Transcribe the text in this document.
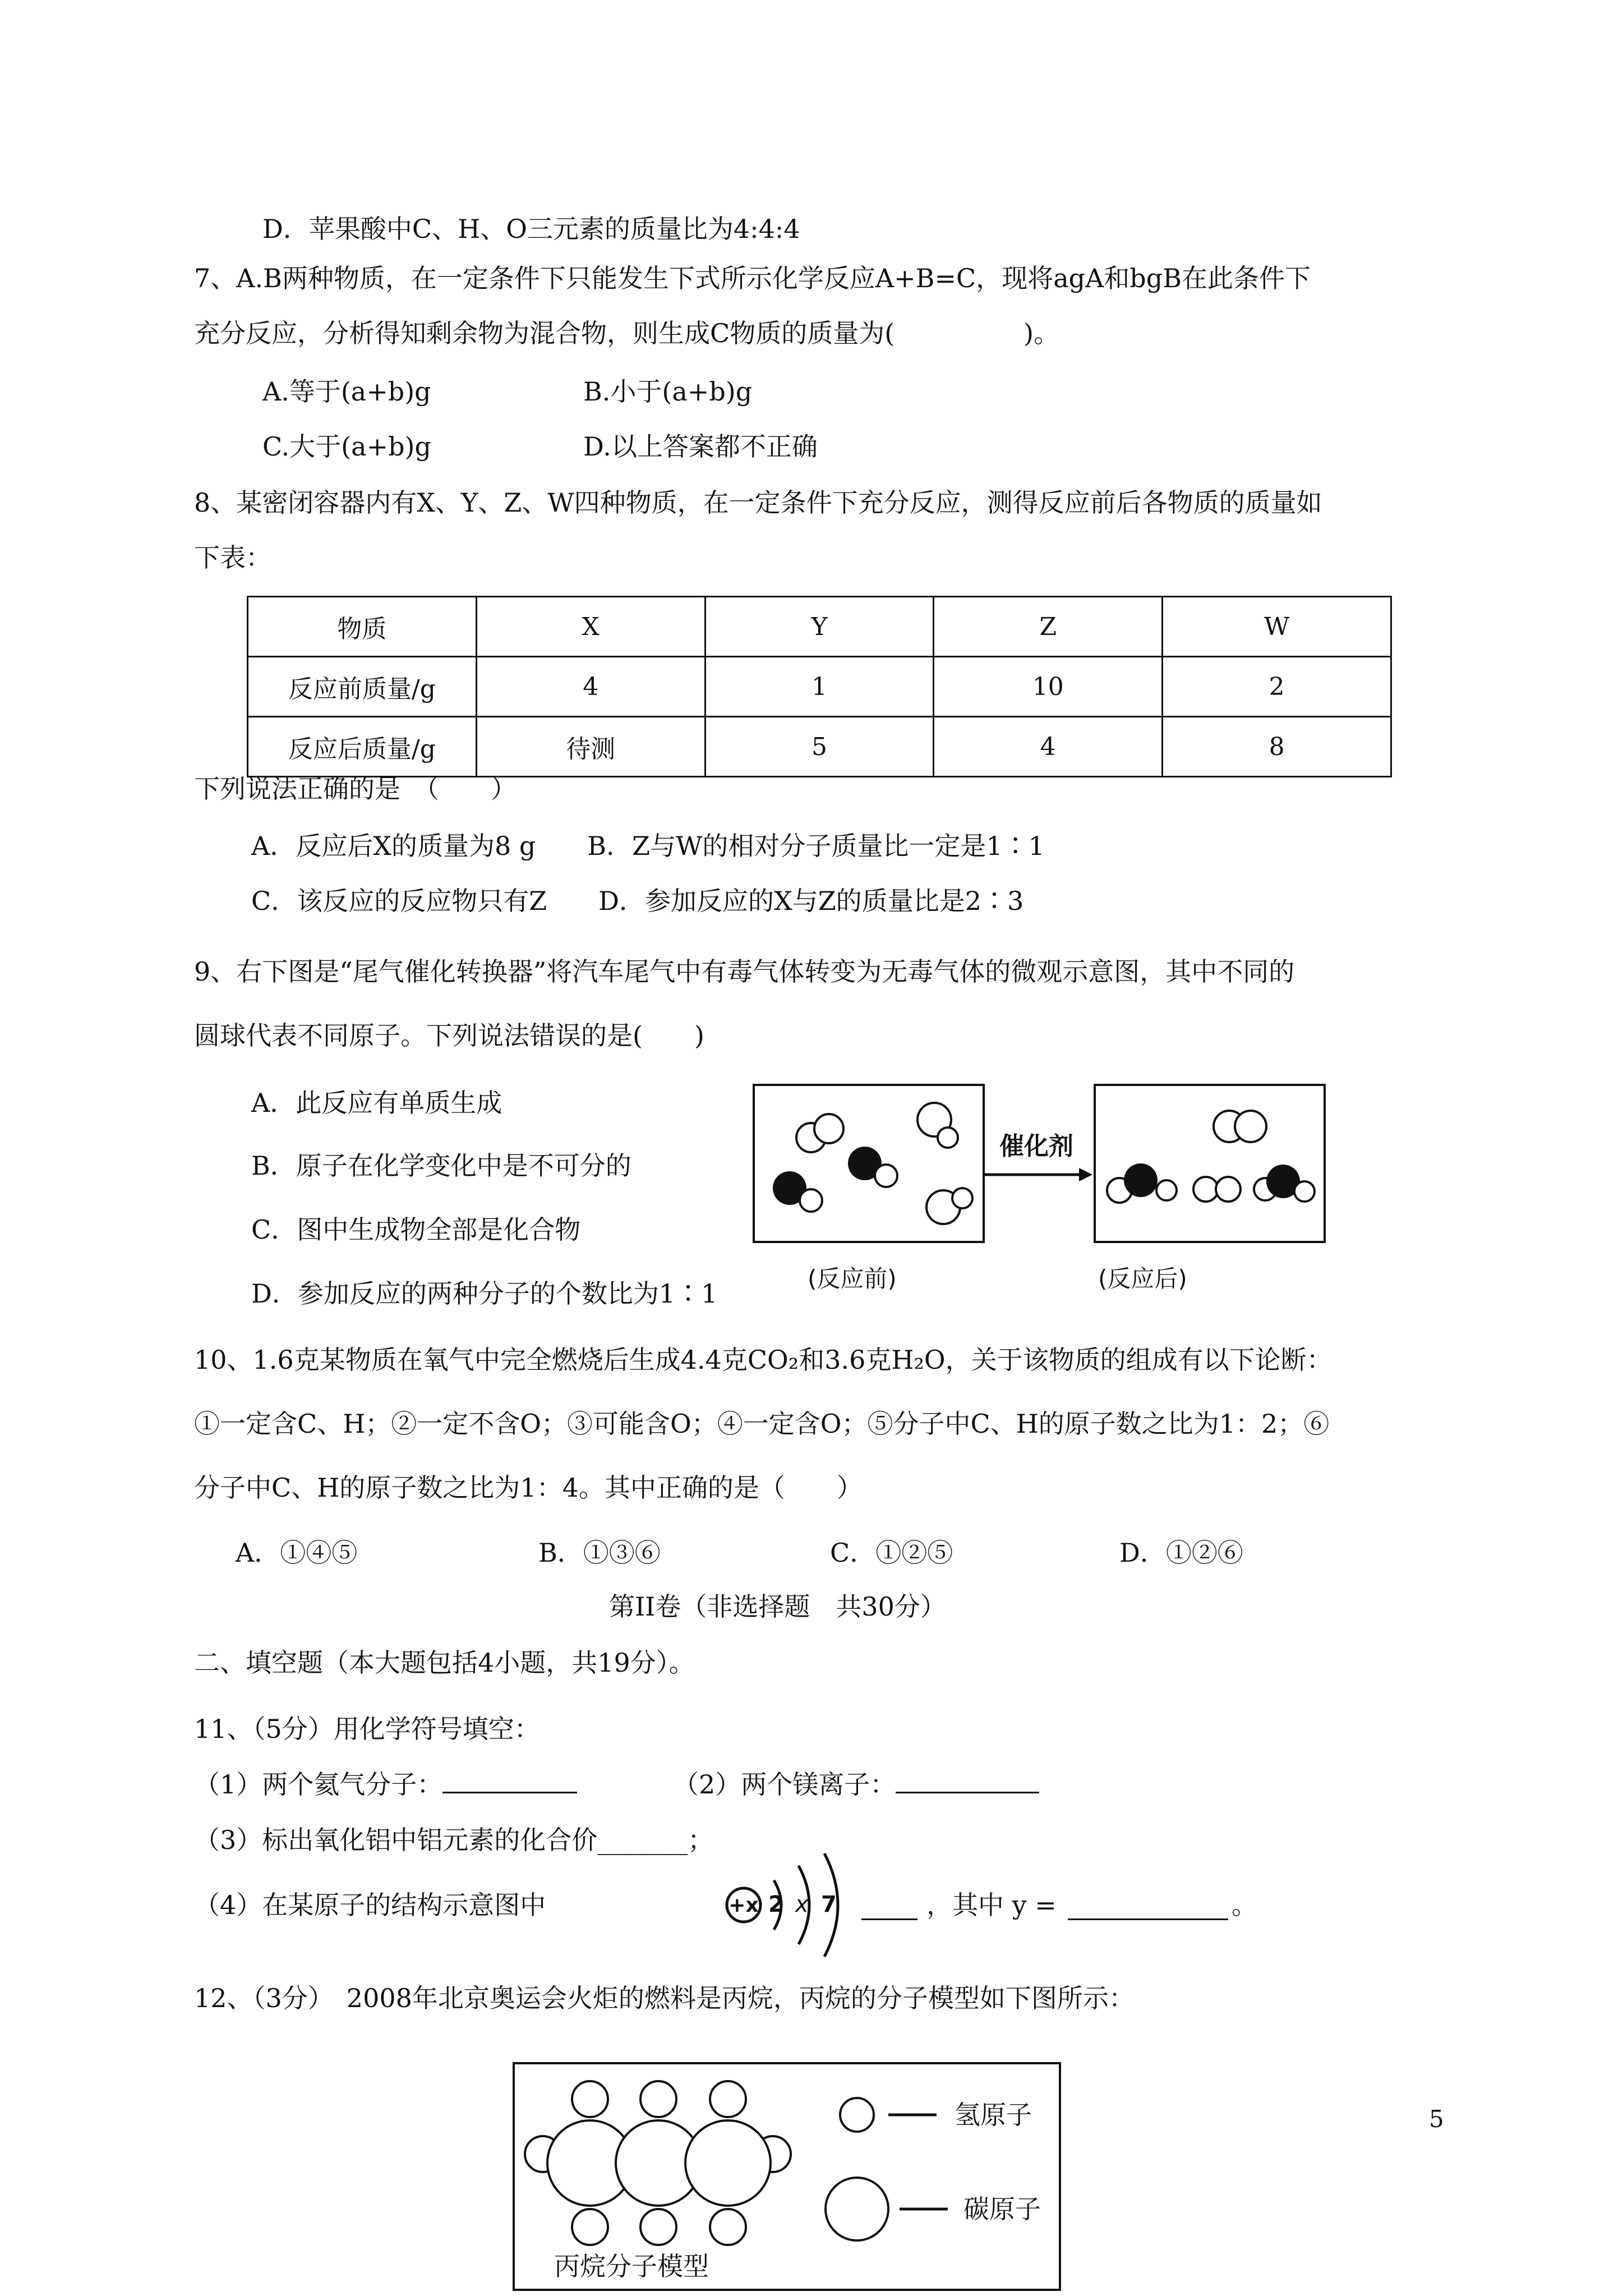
D．苹果酸中C、H、O三元素的质量比为4:4:4
7、A.B两种物质，在一定条件下只能发生下式所示化学反应A+B=C，现将agA和bgB在此条件下
充分反应，分析得知剩余物为混合物，则生成C物质的质量为(　　　　　)。
A.等于(a+b)g	B.小于(a+b)g
C.大于(a+b)g	D.以上答案都不正确
8、某密闭容器内有X、Y、Z、W四种物质，在一定条件下充分反应，测得反应前后各物质的质量如
下表：
物质	X	Y	Z	W
反应前质量/g	4	1	10	2
反应后质量/g	待测	5	4	8
下列说法正确的是　（　　）
A．反应后X的质量为8 g　　B．Z与W的相对分子质量比一定是1∶1
C．该反应的反应物只有Z　　D．参加反应的X与Z的质量比是2∶3
9、右下图是“尾气催化转换器”将汽车尾气中有毒气体转变为无毒气体的微观示意图，其中不同的
圆球代表不同原子。下列说法错误的是(　　)
A．此反应有单质生成
B．原子在化学变化中是不可分的
C．图中生成物全部是化合物
D．参加反应的两种分子的个数比为1∶1
催化剂
(反应前)	(反应后)
10、1.6克某物质在氧气中完全燃烧后生成4.4克CO₂和3.6克H₂O，关于该物质的组成有以下论断：
①一定含C、H；②一定不含O；③可能含O；④一定含O；⑤分子中C、H的原子数之比为1：2；⑥
分子中C、H的原子数之比为1：4。其中正确的是（　　）
A．①④⑤	B．①③⑥	C．①②⑤	D．①②⑥
第II卷（非选择题　共30分）
二、填空题（本大题包括4小题，共19分）。
11、（5分）用化学符号填空：
（1）两个氦气分子：	（2）两个镁离子：
（3）标出氧化铝中铝元素的化合价_______；
（4）在某原子的结构示意图中	+x 2 x 7	，其中 y =	。
12、（3分）　2008年北京奥运会火炬的燃料是丙烷，丙烷的分子模型如下图所示：
氢原子
碳原子
丙烷分子模型
5
